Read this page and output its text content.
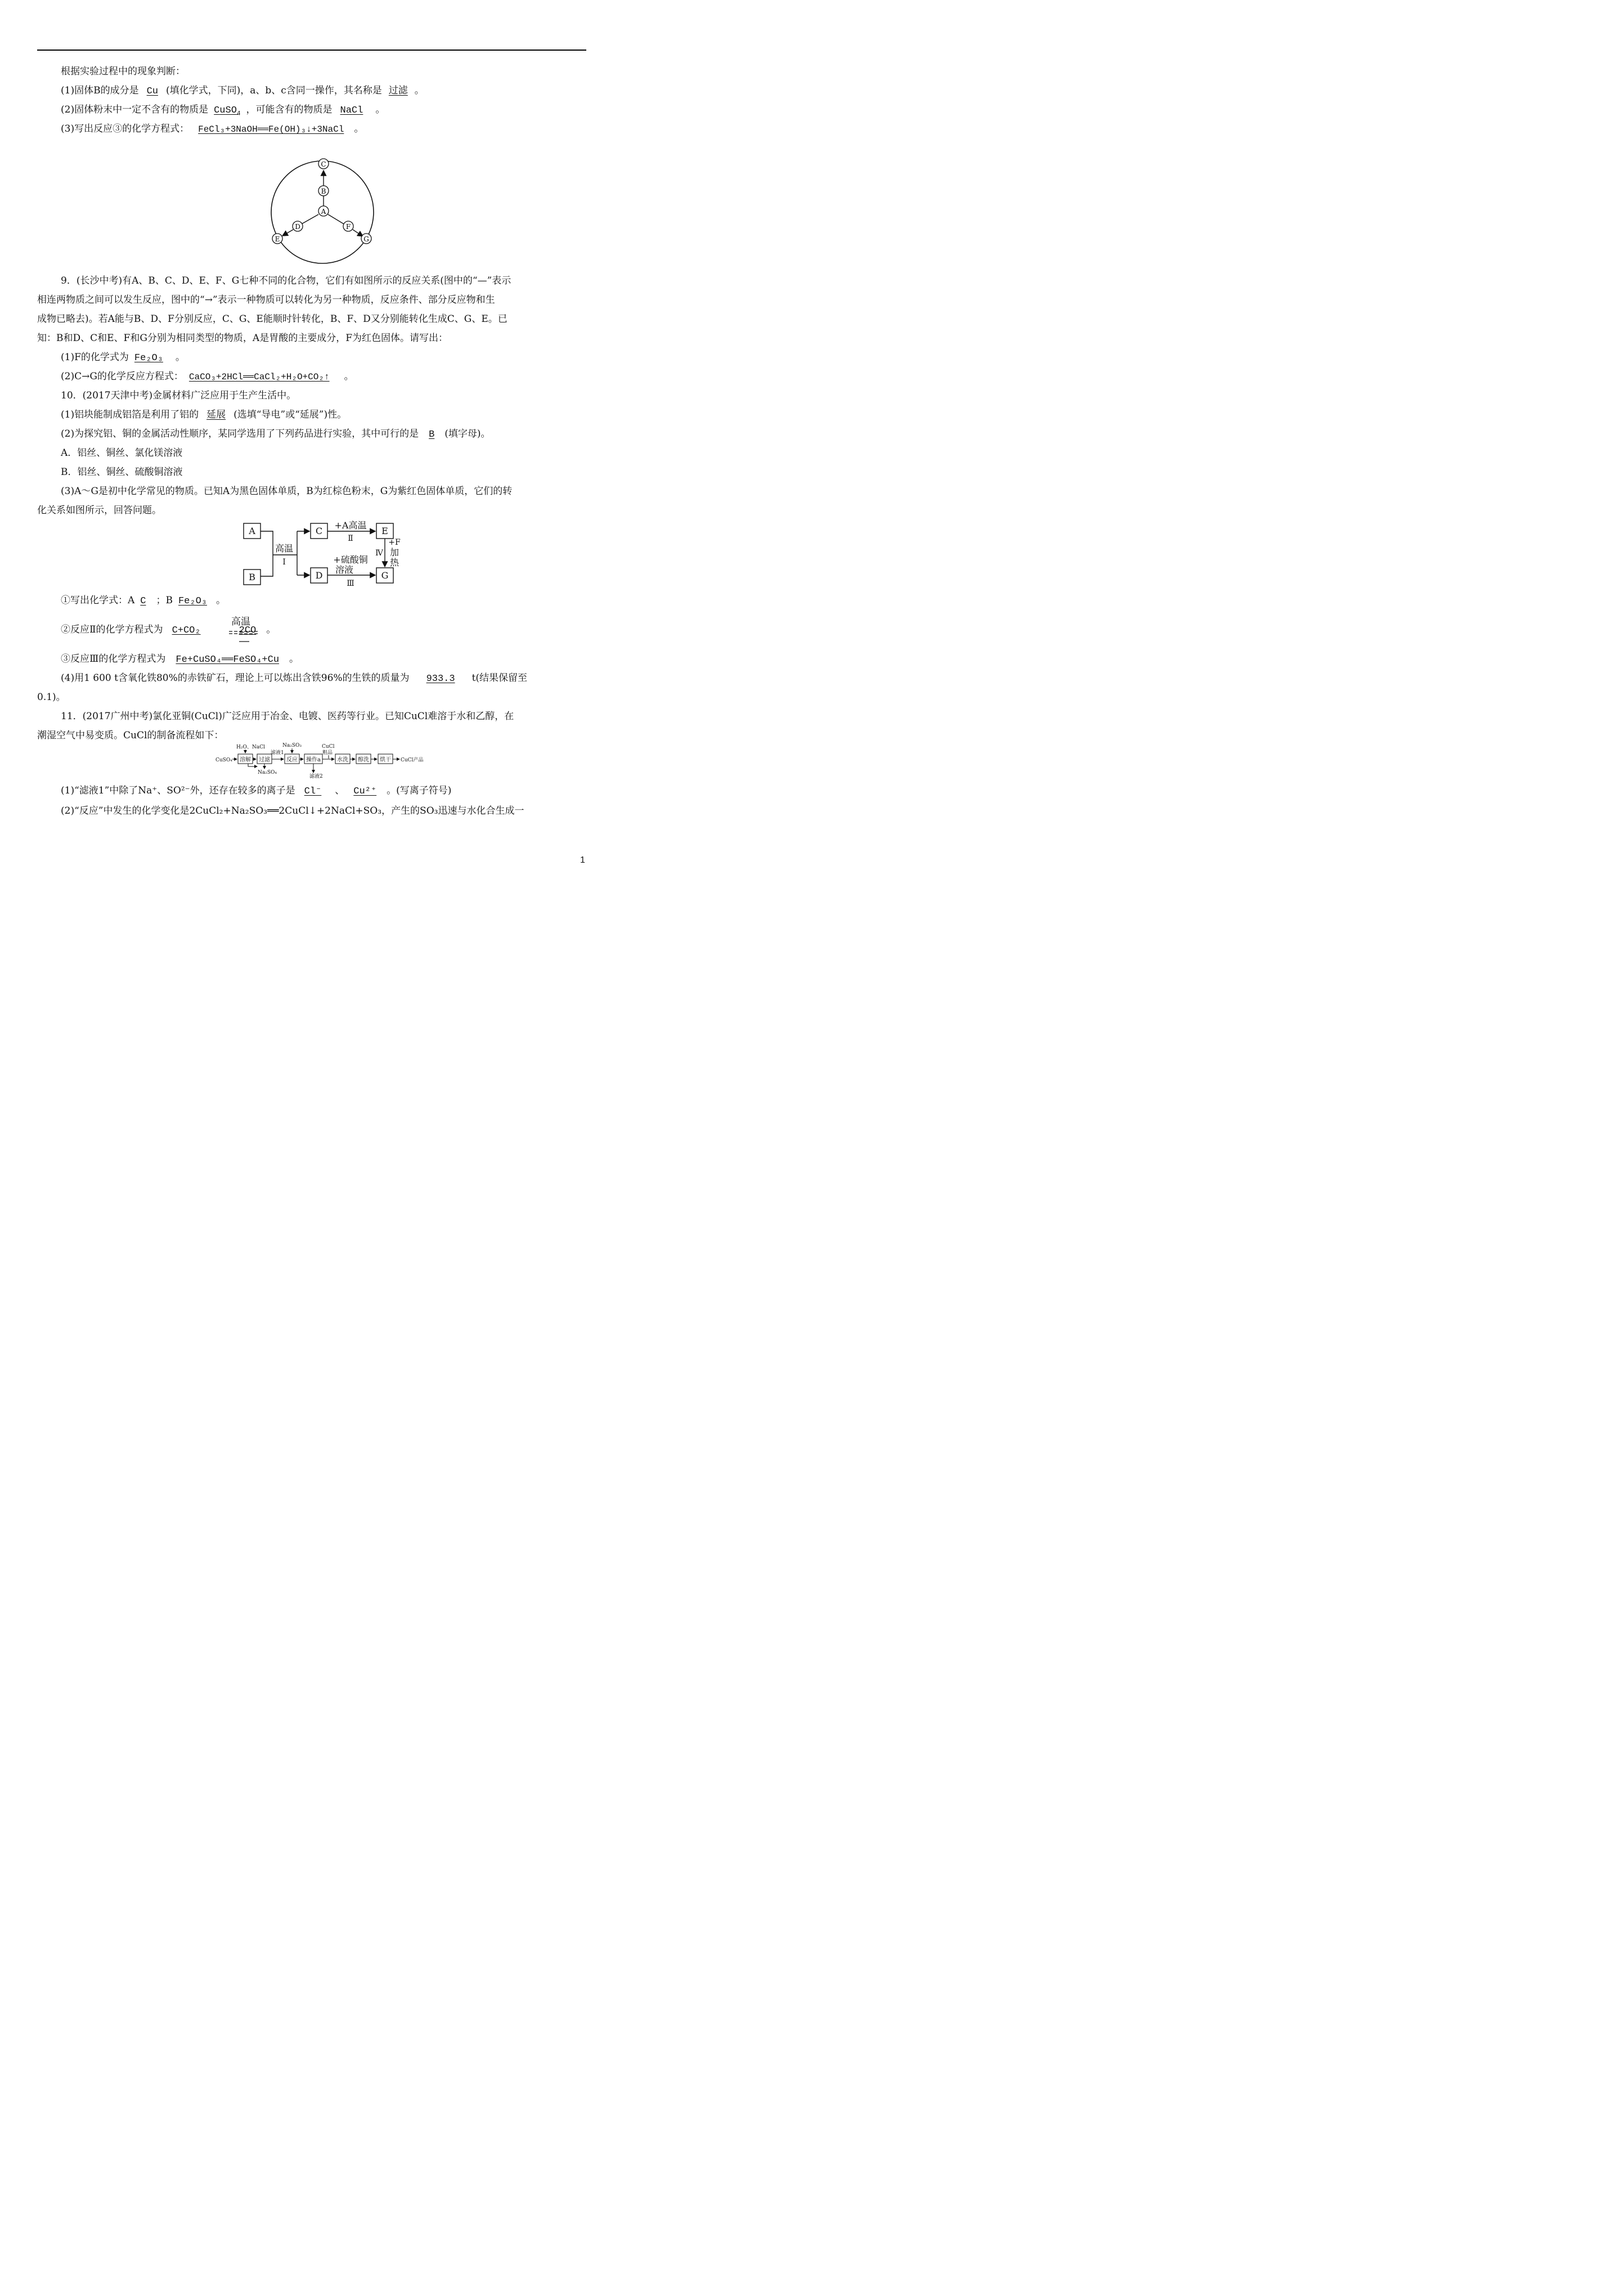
根据实验过程中的现象判断：
(1)固体B的成分是 Cu (填化学式，下同)，a、b、c含同一操作，其名称是 过滤 。
(2)固体粉末中一定不含有的物质是 CuSO$_4$ ，可能含有的物质是 NaCl 。
(3)写出反应③的化学方程式： FeCl₃+3NaOH══Fe(OH)₃↓+3NaCl 。
C
B
A
D	F
E	G
9．(长沙中考)有A、B、C、D、E、F、G七种不同的化合物，它们有如图所示的反应关系(图中的“—”表示
相连两物质之间可以发生反应，图中的“→”表示一种物质可以转化为另一种物质，反应条件、部分反应物和生
成物已略去)。若A能与B、D、F分别反应，C、G、E能顺时针转化，B、F、D又分别能转化生成C、G、E。已
知：B和D、C和E、F和G分别为相同类型的物质，A是胃酸的主要成分，F为红色固体。请写出：
(1)F的化学式为 Fe₂O₃ 。
(2)C→G的化学反应方程式： CaCO₃+2HCl══CaCl₂+H₂O+CO₂↑ 。
10．(2017天津中考)金属材料广泛应用于生产生活中。
(1)铝块能制成铝箔是利用了铝的 延展 (选填“导电”或“延展”)性。
(2)为探究铝、铜的金属活动性顺序，某同学选用了下列药品进行实验，其中可行的是 B (填字母)。
A．铝丝、铜丝、氯化镁溶液
B．铝丝、铜丝、硫酸铜溶液
(3)A～G是初中化学常见的物质。已知A为黑色固体单质，B为红棕色粉末，G为紫红色固体单质，它们的转
化关系如图所示，回答问题。
A
B
C
D
E
G
高温
Ⅰ
+A高温
Ⅱ
+硫酸铜
溶液
Ⅲ
Ⅳ
+F
加
热
①写出化学式：A C ；B Fe₂O₃ 。
②反应Ⅱ的化学方程式为 C+CO₂	2CO 。
高温
③反应Ⅲ的化学方程式为 Fe+CuSO₄══FeSO₄+Cu 。
(4)用1 600 t含氧化铁80%的赤铁矿石，理论上可以炼出含铁96%的生铁的质量为 933.3 t(结果保留至
0.1)。
11．(2017广州中考)氯化亚铜(CuCl)广泛应用于冶金、电镀、医药等行业。已知CuCl难溶于水和乙醇，在
潮湿空气中易变质。CuCl的制备流程如下：
CuSO₄
H₂O、NaCl
Na₂SO₄
滤液1
Na₂SO₃
滤液2
CuCl
粗品
CuCl产品
溶解 过滤	反应 操作a	水洗 醇洗 烘干
(1)“滤液1”中除了Na⁺、SO²⁻外，还存在较多的离子是 Cl⁻ 、 Cu²⁺ 。(写离子符号)
(2)“反应”中发生的化学变化是2CuCl₂+Na₂SO₃══2CuCl↓+2NaCl+SO₃，产生的SO₃迅速与水化合生成一
1
